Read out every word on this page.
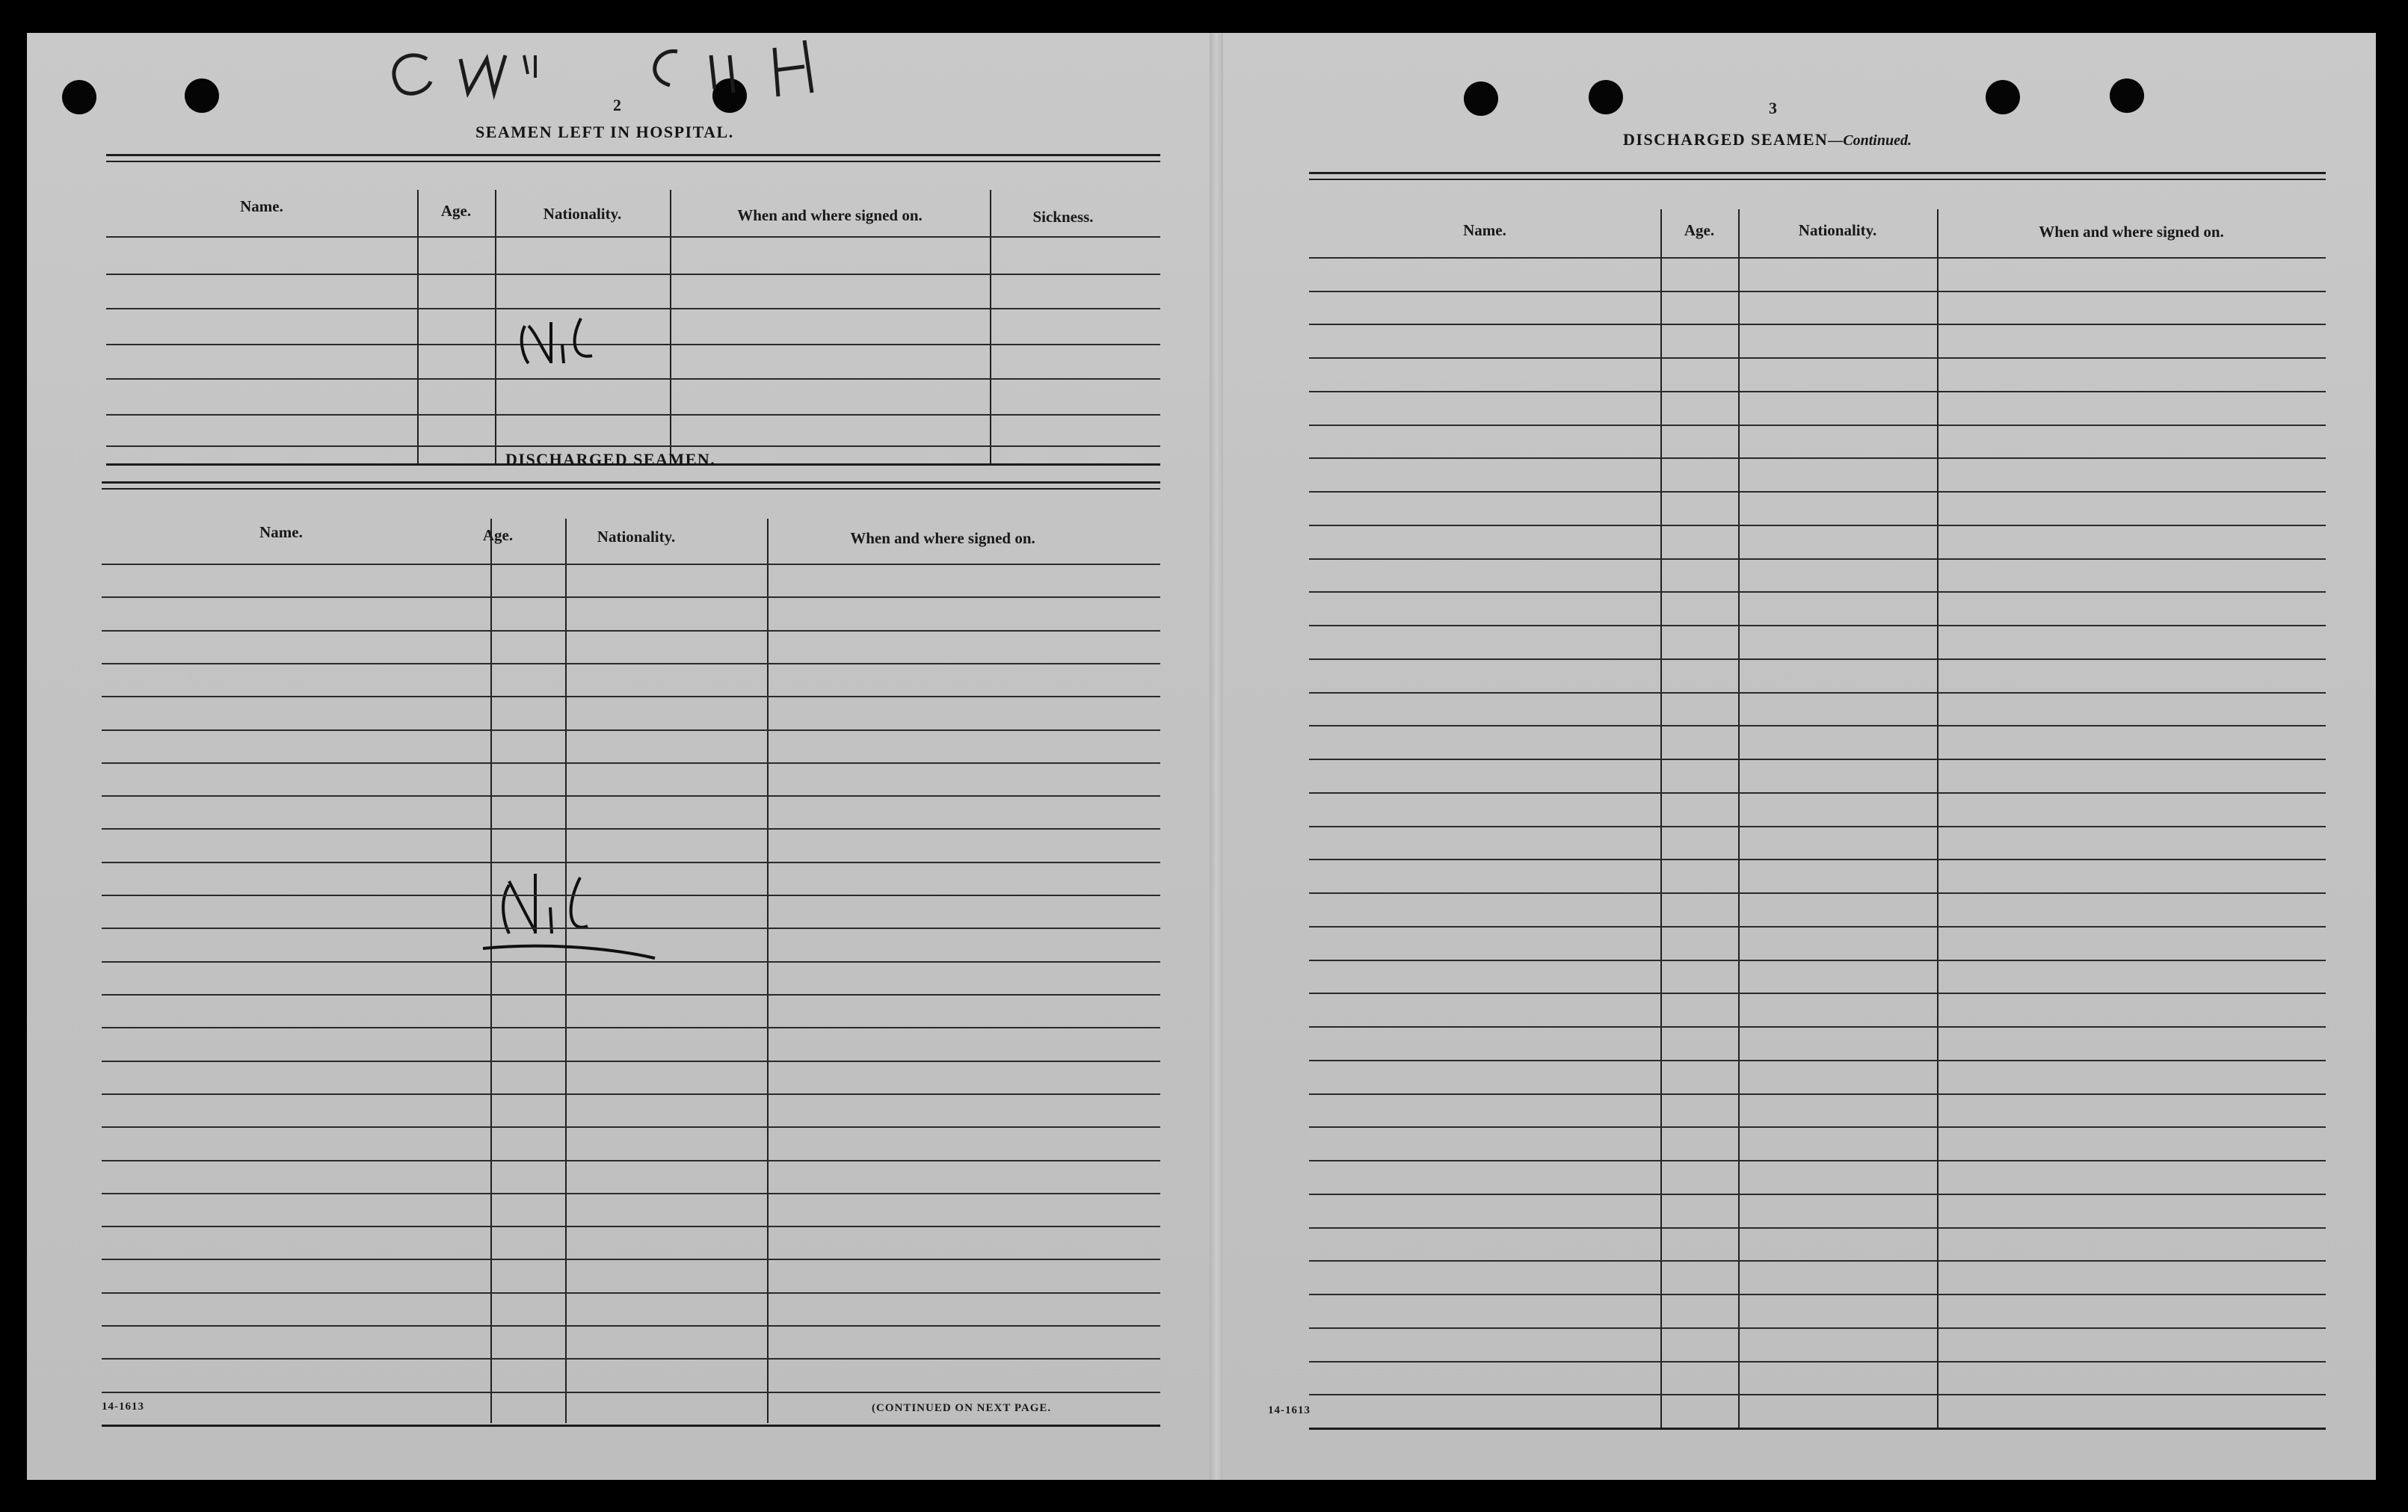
2
SEAMEN LEFT IN HOSPITAL.
Name.	Age.	Nationality.	When and where signed on.	Sickness.
DISCHARGED SEAMEN.
Name.	Age.	Nationality.	When and where signed on.
14-1613	(CONTINUED ON NEXT PAGE.
3
DISCHARGED SEAMEN—Continued.
Name.	Age.	Nationality.	When and where signed on.
14-1613
